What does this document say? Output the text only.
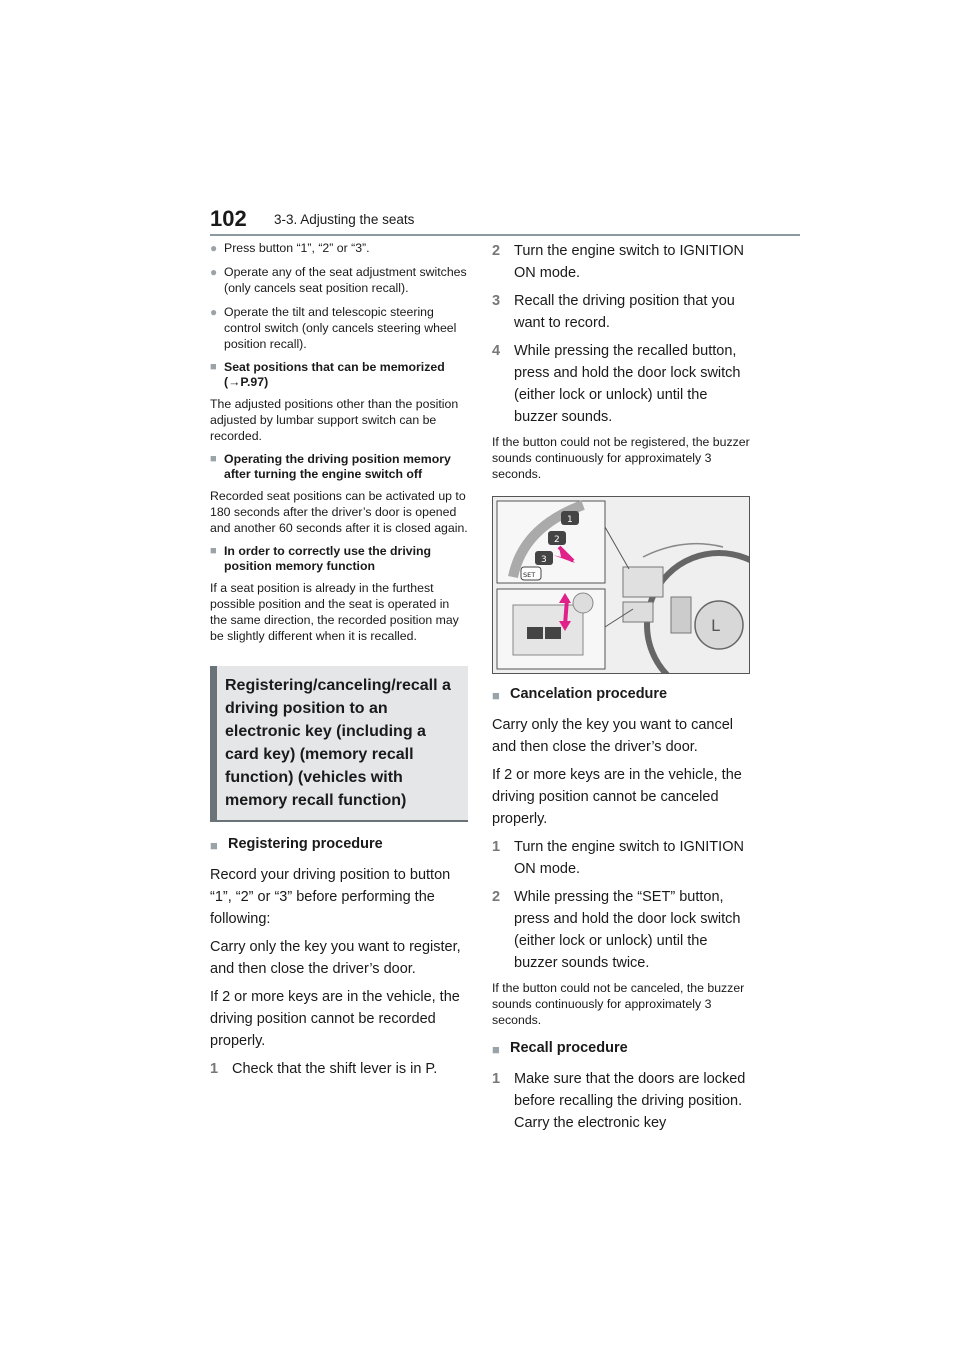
102 3-3. Adjusting the seats
● Press button “1”, “2” or “3”.
● Operate any of the seat adjustment switches (only cancels seat position recall).
● Operate the tilt and telescopic steering control switch (only cancels steering wheel position recall).
■ Seat positions that can be memorized (→P.97)

The adjusted positions other than the position adjusted by lumbar support switch can be recorded.

■ Operating the driving position memory after turning the engine switch off

Recorded seat positions can be activated up to 180 seconds after the driver’s door is opened and another 60 seconds after it is closed again.

■ In order to correctly use the driving position memory function

If a seat position is already in the furthest possible position and the seat is operated in the same direction, the recorded position may be slightly different when it is recalled.

Registering/canceling/recall a driving position to an electronic key (including a card key) (memory recall function) (vehicles with memory recall function)
■ Registering procedure

Record your driving position to button “1”, “2” or “3” before performing the following:

Carry only the key you want to register, and then close the driver’s door.

If 2 or more keys are in the vehicle, the driving position cannot be recorded properly.

1 Check that the shift lever is in P.
2 Turn the engine switch to IGNITION ON mode.
3 Recall the driving position that you want to record.
4 While pressing the recalled button, press and hold the door lock switch (either lock or unlock) until the buzzer sounds.

If the button could not be registered, the buzzer sounds continuously for approximately 3 seconds.

L
1
2
3
SET
■ Cancelation procedure

Carry only the key you want to cancel and then close the driver’s door.

If 2 or more keys are in the vehicle, the driving position cannot be canceled properly.

1 Turn the engine switch to IGNITION ON mode.
2 While pressing the “SET” button, press and hold the door lock switch (either lock or unlock) until the buzzer sounds twice.

If the button could not be canceled, the buzzer sounds continuously for approximately 3 seconds.

■ Recall procedure
1 Make sure that the doors are locked before recalling the driving position. Carry the electronic key
